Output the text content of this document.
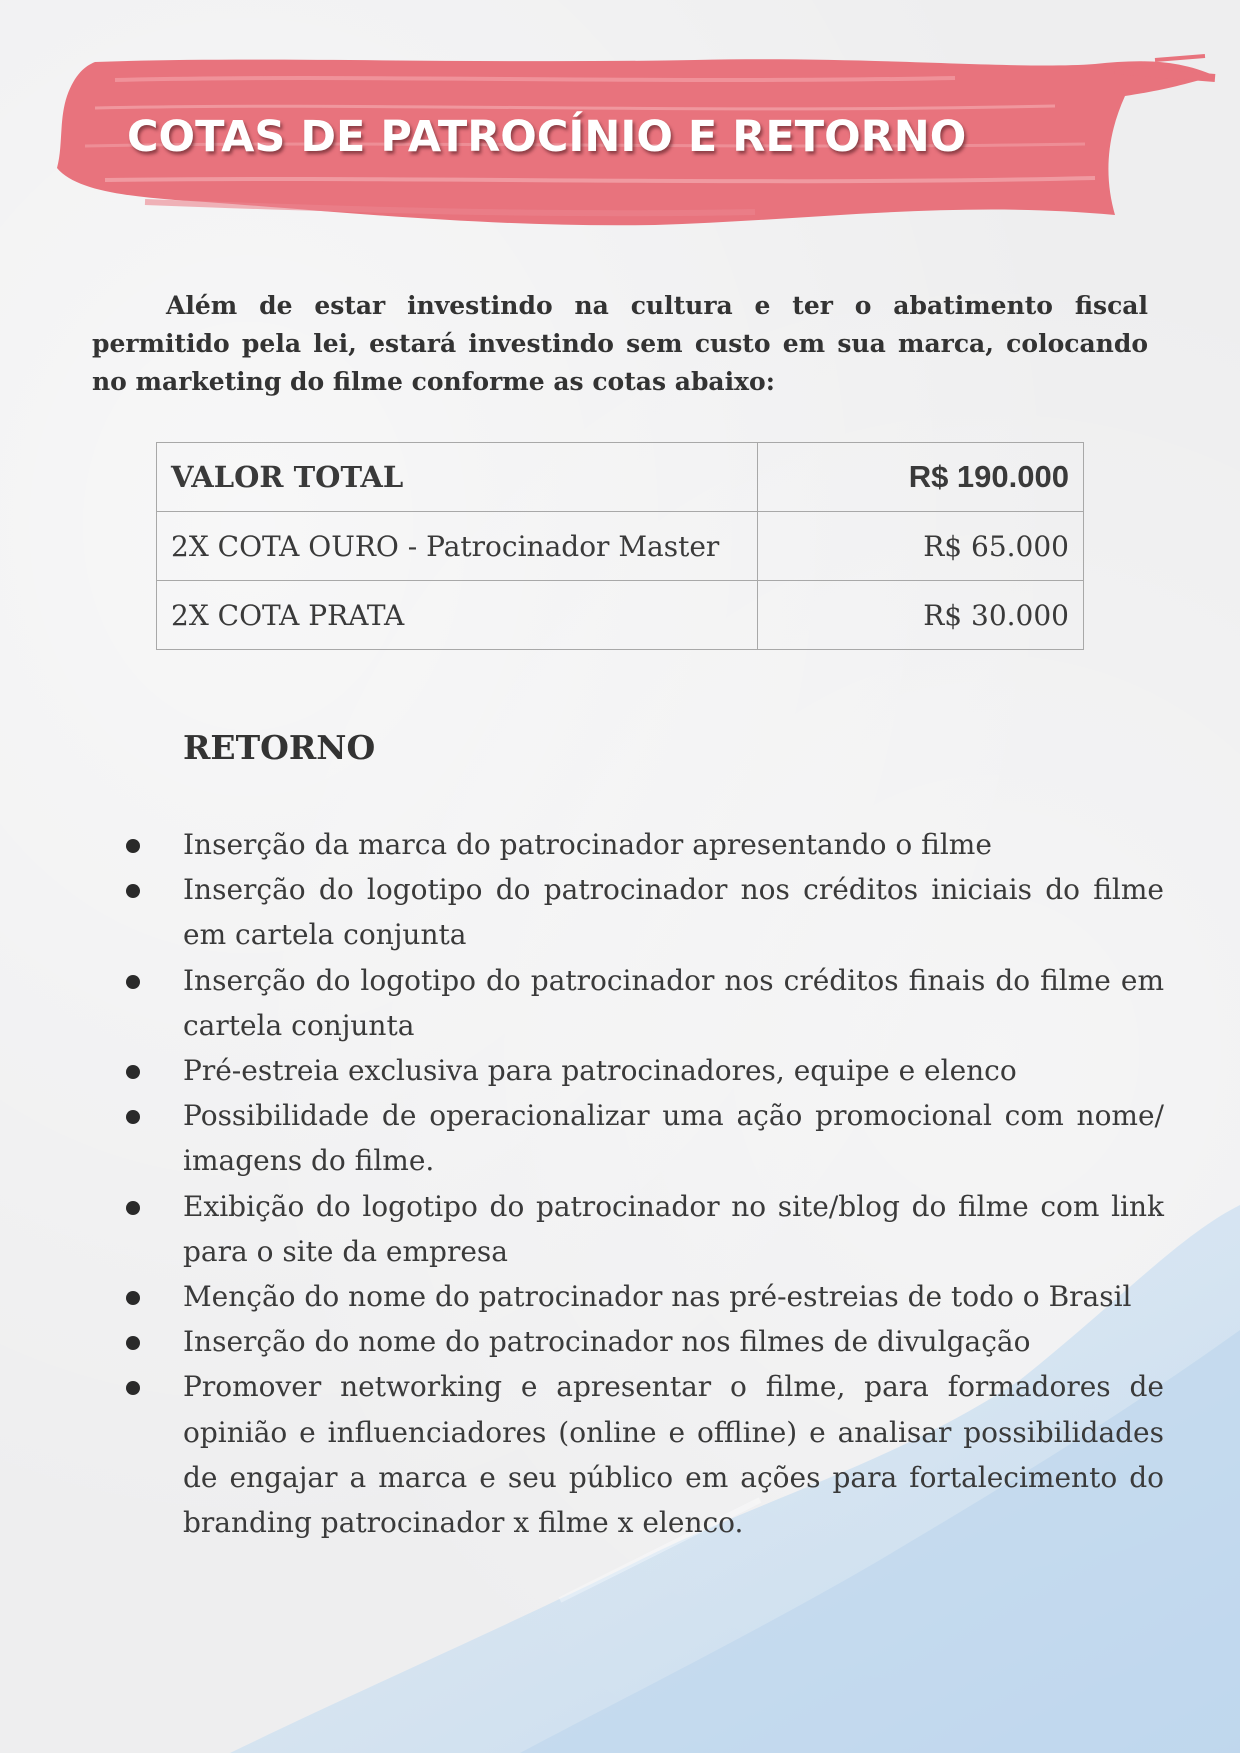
COTAS DE PATROCÍNIO E RETORNO

Além de estar investindo na cultura e ter o abatimento fiscal permitido pela lei, estará investindo sem custo em sua marca, colocando no marketing do filme conforme as cotas abaixo:

VALOR TOTAL	R$ 190.000
2X COTA OURO - Patrocinador Master	R$ 65.000
2X COTA PRATA	R$ 30.000
RETORNO
Inserção da marca do patrocinador apresentando o filme
Inserção do logotipo do patrocinador nos créditos iniciais do filme em cartela conjunta
Inserção do logotipo do patrocinador nos créditos finais do filme em cartela conjunta
Pré-estreia exclusiva para patrocinadores, equipe e elenco
Possibilidade de operacionalizar uma ação promocional com nome/ imagens do filme.
Exibição do logotipo do patrocinador no site/blog do filme com link para o site da empresa
Menção do nome do patrocinador nas pré-estreias de todo o Brasil
Inserção do nome do patrocinador nos filmes de divulgação
Promover networking e apresentar o filme, para formadores de opinião e influenciadores (online e offline) e analisar possibilidades de engajar a marca e seu público em ações para fortalecimento do branding patrocinador x filme x elenco.
